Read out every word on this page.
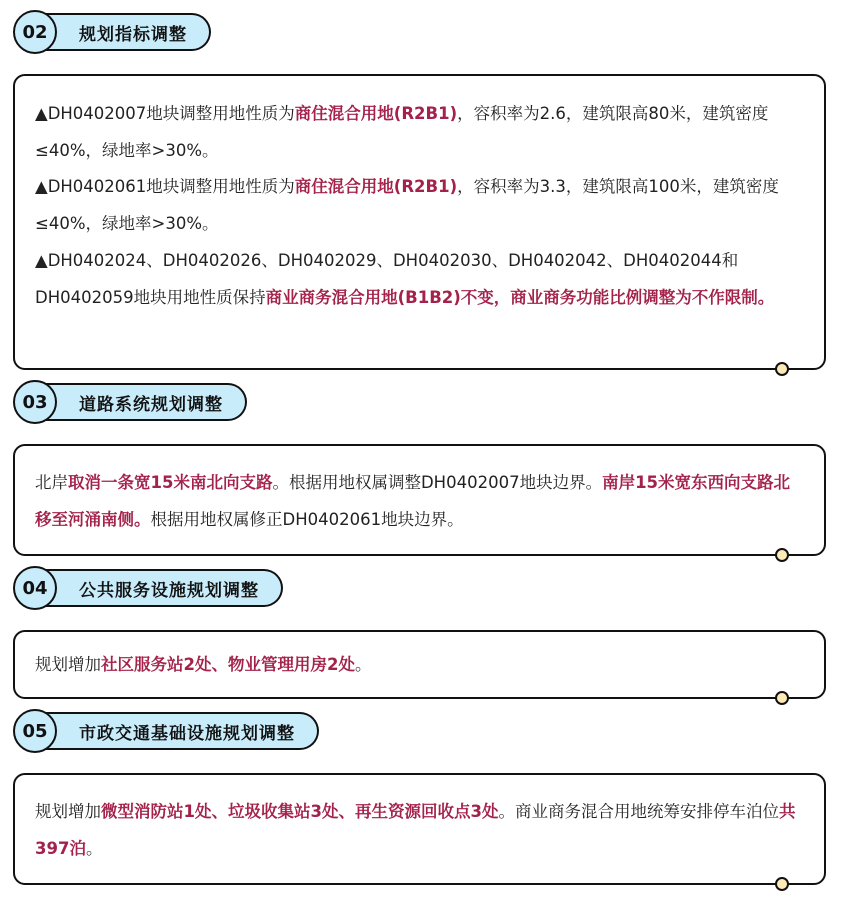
02	规划指标调整

▲DH0402007地块调整用地性质为商住混合用地(R2B1)，容积率为2.6，建筑限高80米，建筑密度≤40%，绿地率>30%。

▲DH0402061地块调整用地性质为商住混合用地(R2B1)，容积率为3.3，建筑限高100米，建筑密度≤40%，绿地率>30%。

▲DH0402024、DH0402026、DH0402029、DH0402030、DH0402042、DH0402044和DH0402059地块用地性质保持商业商务混合用地(B1B2)不变，商业商务功能比例调整为不作限制。

03	道路系统规划调整

北岸取消一条宽15米南北向支路。根据用地权属调整DH0402007地块边界。南岸15米宽东西向支路北移至河涌南侧。根据用地权属修正DH0402061地块边界。

04	公共服务设施规划调整

规划增加社区服务站2处、物业管理用房2处。

05	市政交通基础设施规划调整

规划增加微型消防站1处、垃圾收集站3处、再生资源回收点3处。商业商务混合用地统筹安排停车泊位共397泊。
